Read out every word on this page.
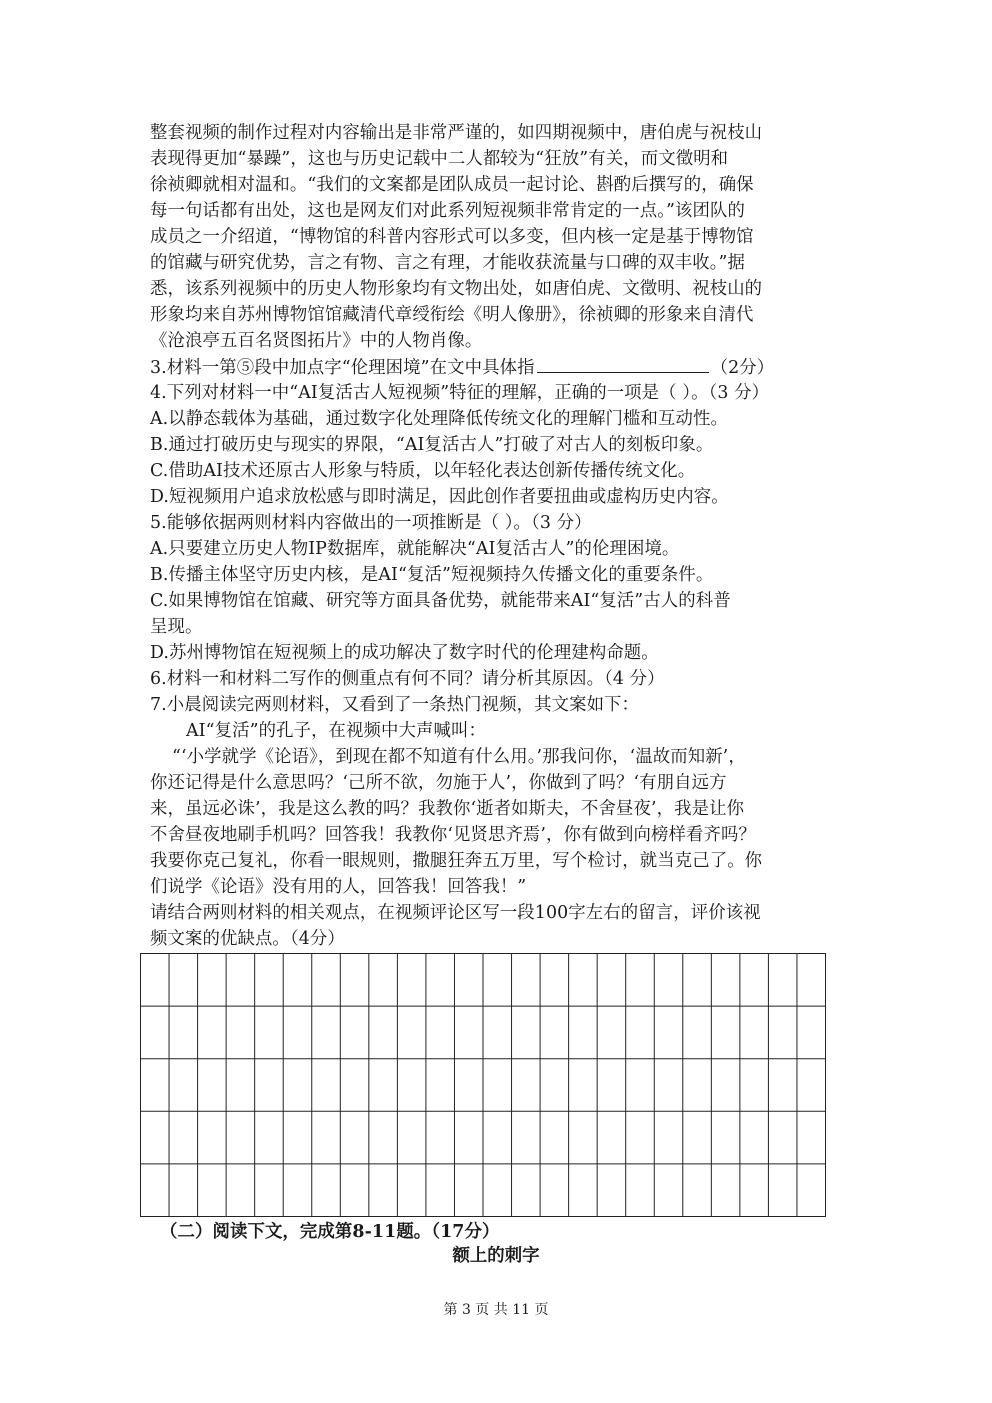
整套视频的制作过程对内容输出是非常严谨的，如四期视频中，唐伯虎与祝枝山
表现得更加“暴躁”，这也与历史记载中二人都较为“狂放”有关，而文徵明和
徐祯卿就相对温和。“我们的文案都是团队成员一起讨论、斟酌后撰写的，确保
每一句话都有出处，这也是网友们对此系列短视频非常肯定的一点。”该团队的
成员之一介绍道，“博物馆的科普内容形式可以多变，但内核一定是基于博物馆
的馆藏与研究优势，言之有物、言之有理，才能收获流量与口碑的双丰收。”据
悉，该系列视频中的历史人物形象均有文物出处，如唐伯虎、文徵明、祝枝山的
形象均来自苏州博物馆馆藏清代章绶衔绘《明人像册》，徐祯卿的形象来自清代
《沧浪亭五百名贤图拓片》中的人物肖像。
3.材料一第⑤段中加点字“伦理困境”在文中具体指	（2分）
4.下列对材料一中“AI复活古人短视频”特征的理解，正确的一项是（ ）。（3 分）
A.以静态载体为基础，通过数字化处理降低传统文化的理解门槛和互动性。
B.通过打破历史与现实的界限，“AI复活古人”打破了对古人的刻板印象。
C.借助AI技术还原古人形象与特质，以年轻化表达创新传播传统文化。
D.短视频用户追求放松感与即时满足，因此创作者要扭曲或虚构历史内容。
5.能够依据两则材料内容做出的一项推断是（ ）。（3 分）
A.只要建立历史人物IP数据库，就能解决“AI复活古人”的伦理困境。
B.传播主体坚守历史内核，是AI“复活”短视频持久传播文化的重要条件。
C.如果博物馆在馆藏、研究等方面具备优势，就能带来AI“复活”古人的科普
呈现。
D.苏州博物馆在短视频上的成功解决了数字时代的伦理建构命题。
6.材料一和材料二写作的侧重点有何不同？请分析其原因。（4 分）
7.小晨阅读完两则材料，又看到了一条热门视频，其文案如下：
AI“复活”的孔子，在视频中大声喊叫：
“‘小学就学《论语》，到现在都不知道有什么用。’那我问你，‘温故而知新’，
你还记得是什么意思吗？‘己所不欲，勿施于人’，你做到了吗？‘有朋自远方
来，虽远必诛’，我是这么教的吗？我教你‘逝者如斯夫，不舍昼夜’，我是让你
不舍昼夜地刷手机吗？回答我！我教你‘见贤思齐焉’，你有做到向榜样看齐吗？
我要你克己复礼，你看一眼规则，撒腿狂奔五万里，写个检讨，就当克己了。你
们说学《论语》没有用的人，回答我！回答我！”
请结合两则材料的相关观点，在视频评论区写一段100字左右的留言，评价该视
频文案的优缺点。（4分）
（二）阅读下文，完成第8-11题。（17分）
额上的刺字
第 3 页 共 11 页
